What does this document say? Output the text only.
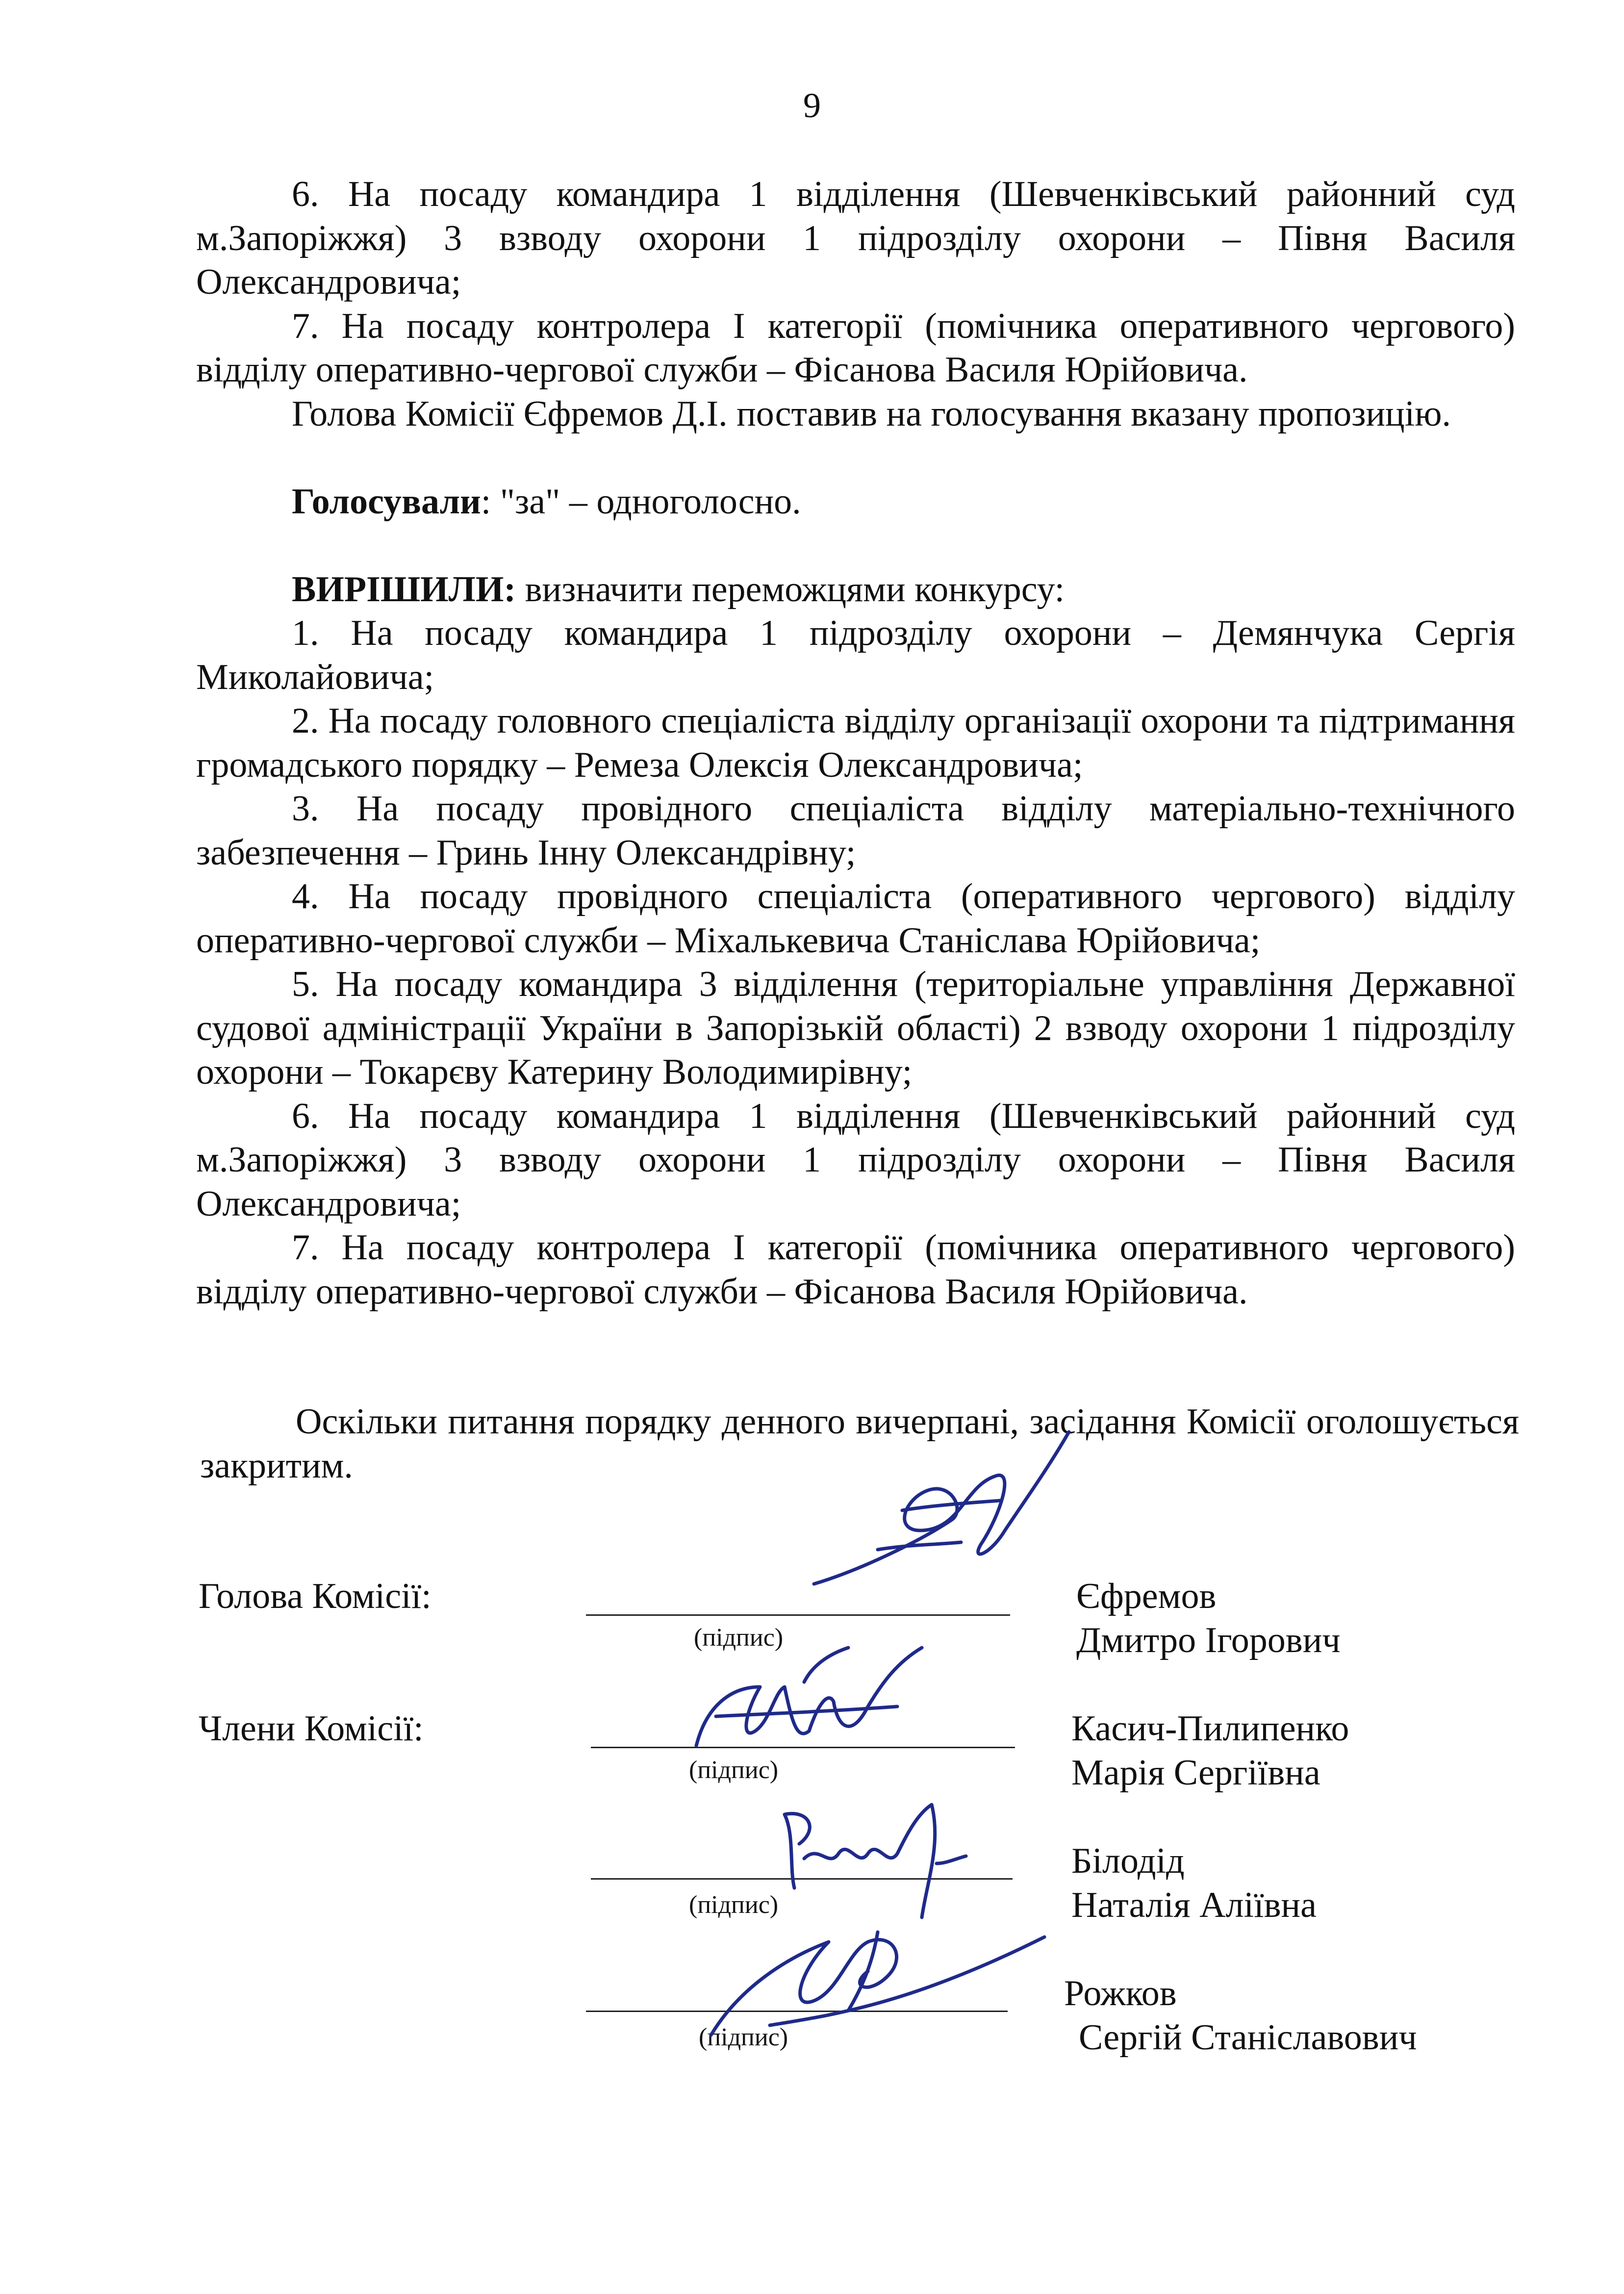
9

6. На посаду командира 1 відділення (Шевченківський районний суд м.Запоріжжя) 3 взводу охорони 1 підрозділу охорони – Півня Василя Олександровича;

7. На посаду контролера І категорії (помічника оперативного чергового) відділу оперативно-чергової служби – Фісанова Василя Юрійовича.

Голова Комісії Єфремов Д.І. поставив на голосування вказану пропозицію.

Голосували: "за" – одноголосно.

ВИРІШИЛИ: визначити переможцями конкурсу:

1. На посаду командира 1 підрозділу охорони – Демянчука Сергія Миколайовича;

2. На посаду головного спеціаліста відділу організації охорони та підтримання громадського порядку – Ремеза Олексія Олександровича;

3. На посаду провідного спеціаліста відділу матеріально-технічного забезпечення – Гринь Інну Олександрівну;

4. На посаду провідного спеціаліста (оперативного чергового) відділу оперативно-чергової служби – Міхалькевича Станіслава Юрійовича;

5. На посаду командира 3 відділення (територіальне управління Державної судової адміністрації України в Запорізькій області) 2 взводу охорони 1 підрозділу охорони – Токарєву Катерину Володимирівну;

6. На посаду командира 1 відділення (Шевченківський районний суд м.Запоріжжя) 3 взводу охорони 1 підрозділу охорони – Півня Василя Олександровича;

7. На посаду контролера І категорії (помічника оперативного чергового) відділу оперативно-чергової служби – Фісанова Василя Юрійовича.

Оскільки питання порядку денного вичерпані, засідання Комісії оголошується закритим.

Голова Комісії:
Члени Комісії:
(підпис)
Єфремов
Дмитро Ігорович
(підпис)
Касич-Пилипенко
Марія Сергіївна
(підпис)
Білодід
Наталія Аліївна
(підпис)
Рожков
Сергій Станіславович
